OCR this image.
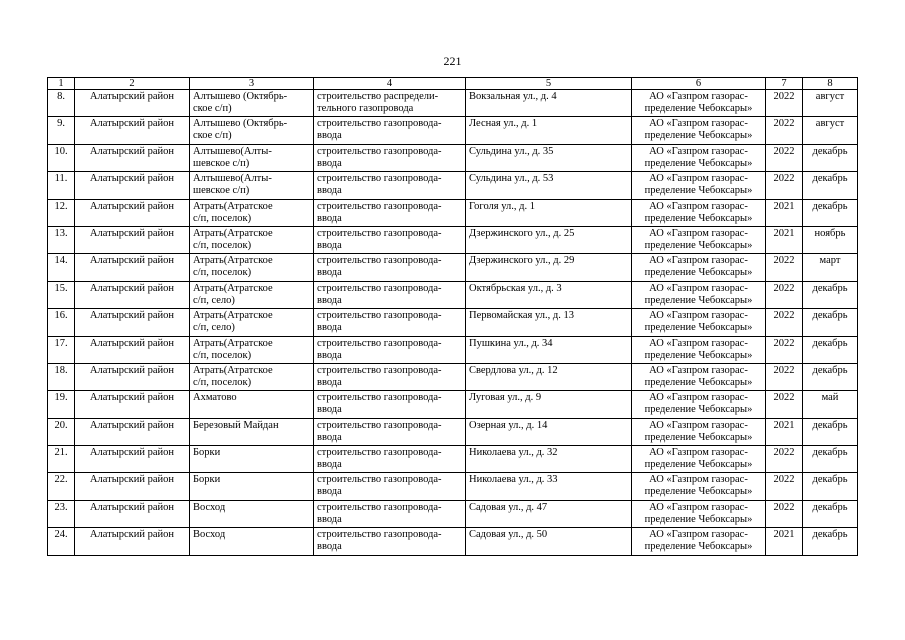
221
1	2	3	4	5	6	7	8
8.	Алатырский район	Алтышево (Октябрь-
ское с/п)	строительство распредели-
тельного газопровода	Вокзальная ул., д. 4	АО «Газпром газорас-
пределение Чебоксары»	2022	август
9.	Алатырский район	Алтышево (Октябрь-
ское с/п)	строительство газопровода-
ввода	Лесная ул., д. 1	АО «Газпром газорас-
пределение Чебоксары»	2022	август
10.	Алатырский район	Алтышево(Алты-
шевское с/п)	строительство газопровода-
ввода	Сульдина ул., д. 35	АО «Газпром газорас-
пределение Чебоксары»	2022	декабрь
11.	Алатырский район	Алтышево(Алты-
шевское с/п)	строительство газопровода-
ввода	Сульдина ул., д. 53	АО «Газпром газорас-
пределение Чебоксары»	2022	декабрь
12.	Алатырский район	Атрать(Атратское
с/п, поселок)	строительство газопровода-
ввода	Гоголя ул., д. 1	АО «Газпром газорас-
пределение Чебоксары»	2021	декабрь
13.	Алатырский район	Атрать(Атратское
с/п, поселок)	строительство газопровода-
ввода	Дзержинского ул., д. 25	АО «Газпром газорас-
пределение Чебоксары»	2021	ноябрь
14.	Алатырский район	Атрать(Атратское
с/п, поселок)	строительство газопровода-
ввода	Дзержинского ул., д. 29	АО «Газпром газорас-
пределение Чебоксары»	2022	март
15.	Алатырский район	Атрать(Атратское
с/п, село)	строительство газопровода-
ввода	Октябрьская ул., д. 3	АО «Газпром газорас-
пределение Чебоксары»	2022	декабрь
16.	Алатырский район	Атрать(Атратское
с/п, село)	строительство газопровода-
ввода	Первомайская ул., д. 13	АО «Газпром газорас-
пределение Чебоксары»	2022	декабрь
17.	Алатырский район	Атрать(Атратское
с/п, поселок)	строительство газопровода-
ввода	Пушкина ул., д. 34	АО «Газпром газорас-
пределение Чебоксары»	2022	декабрь
18.	Алатырский район	Атрать(Атратское
с/п, поселок)	строительство газопровода-
ввода	Свердлова ул., д. 12	АО «Газпром газорас-
пределение Чебоксары»	2022	декабрь
19.	Алатырский район	Ахматово	строительство газопровода-
ввода	Луговая ул., д. 9	АО «Газпром газорас-
пределение Чебоксары»	2022	май
20.	Алатырский район	Березовый Майдан	строительство газопровода-
ввода	Озерная ул., д. 14	АО «Газпром газорас-
пределение Чебоксары»	2021	декабрь
21.	Алатырский район	Борки	строительство газопровода-
ввода	Николаева ул., д. 32	АО «Газпром газорас-
пределение Чебоксары»	2022	декабрь
22.	Алатырский район	Борки	строительство газопровода-
ввода	Николаева ул., д. 33	АО «Газпром газорас-
пределение Чебоксары»	2022	декабрь
23.	Алатырский район	Восход	строительство газопровода-
ввода	Садовая ул., д. 47	АО «Газпром газорас-
пределение Чебоксары»	2022	декабрь
24.	Алатырский район	Восход	строительство газопровода-
ввода	Садовая ул., д. 50	АО «Газпром газорас-
пределение Чебоксары»	2021	декабрь
